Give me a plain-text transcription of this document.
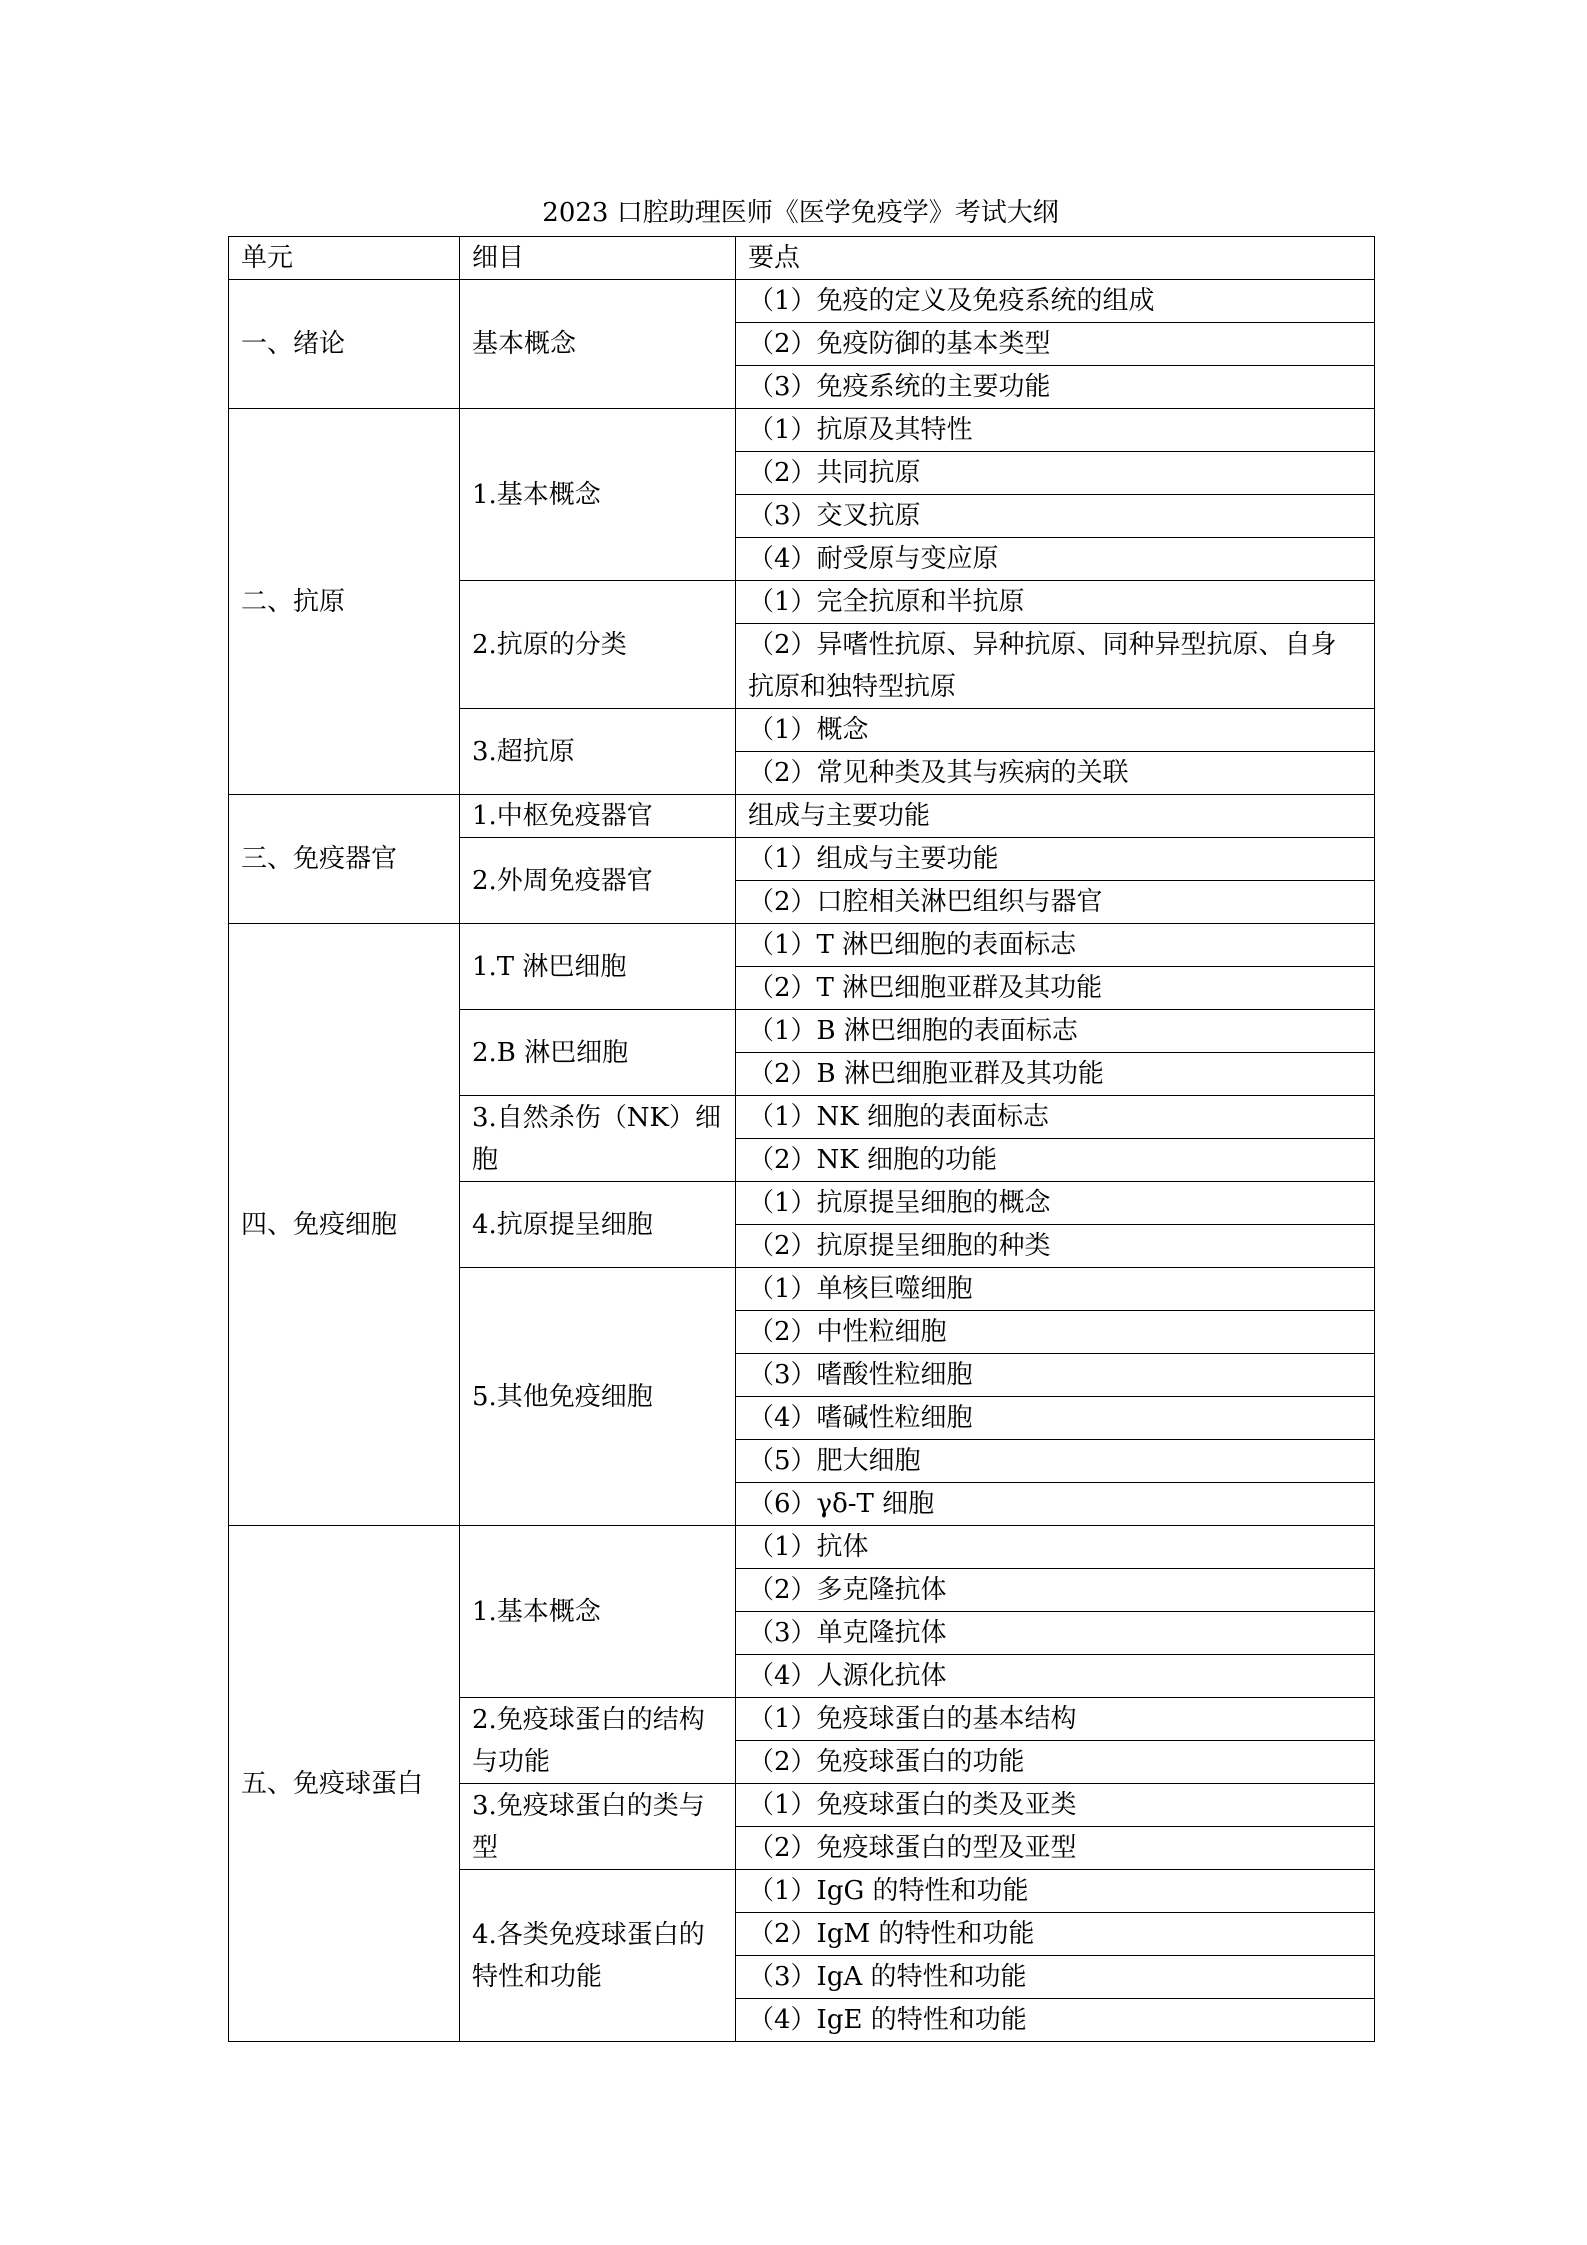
2023 口腔助理医师《医学免疫学》考试大纲
单元	细目	要点
一、绪论	基本概念	（1）免疫的定义及免疫系统的组成
		（2）免疫防御的基本类型
		（3）免疫系统的主要功能
二、抗原	1.基本概念	（1）抗原及其特性
		（2）共同抗原
		（3）交叉抗原
		（4）耐受原与变应原
	2.抗原的分类	（1）完全抗原和半抗原
		（2）异嗜性抗原、异种抗原、同种异型抗原、自身抗原和独特型抗原
	3.超抗原	（1）概念
		（2）常见种类及其与疾病的关联
三、免疫器官	1.中枢免疫器官	组成与主要功能
	2.外周免疫器官	（1）组成与主要功能
		（2）口腔相关淋巴组织与器官
四、免疫细胞	1.T 淋巴细胞	（1）T 淋巴细胞的表面标志
		（2）T 淋巴细胞亚群及其功能
	2.B 淋巴细胞	（1）B 淋巴细胞的表面标志
		（2）B 淋巴细胞亚群及其功能
	3.自然杀伤（NK）细胞	（1）NK 细胞的表面标志
		（2）NK 细胞的功能
	4.抗原提呈细胞	（1）抗原提呈细胞的概念
		（2）抗原提呈细胞的种类
	5.其他免疫细胞	（1）单核巨噬细胞
		（2）中性粒细胞
		（3）嗜酸性粒细胞
		（4）嗜碱性粒细胞
		（5）肥大细胞
		（6）γδ-T 细胞
五、免疫球蛋白	1.基本概念	（1）抗体
		（2）多克隆抗体
		（3）单克隆抗体
		（4）人源化抗体
	2.免疫球蛋白的结构与功能	（1）免疫球蛋白的基本结构
		（2）免疫球蛋白的功能
	3.免疫球蛋白的类与型	（1）免疫球蛋白的类及亚类
		（2）免疫球蛋白的型及亚型
	4.各类免疫球蛋白的特性和功能	（1）IgG 的特性和功能
		（2）IgM 的特性和功能
		（3）IgA 的特性和功能
		（4）IgE 的特性和功能
